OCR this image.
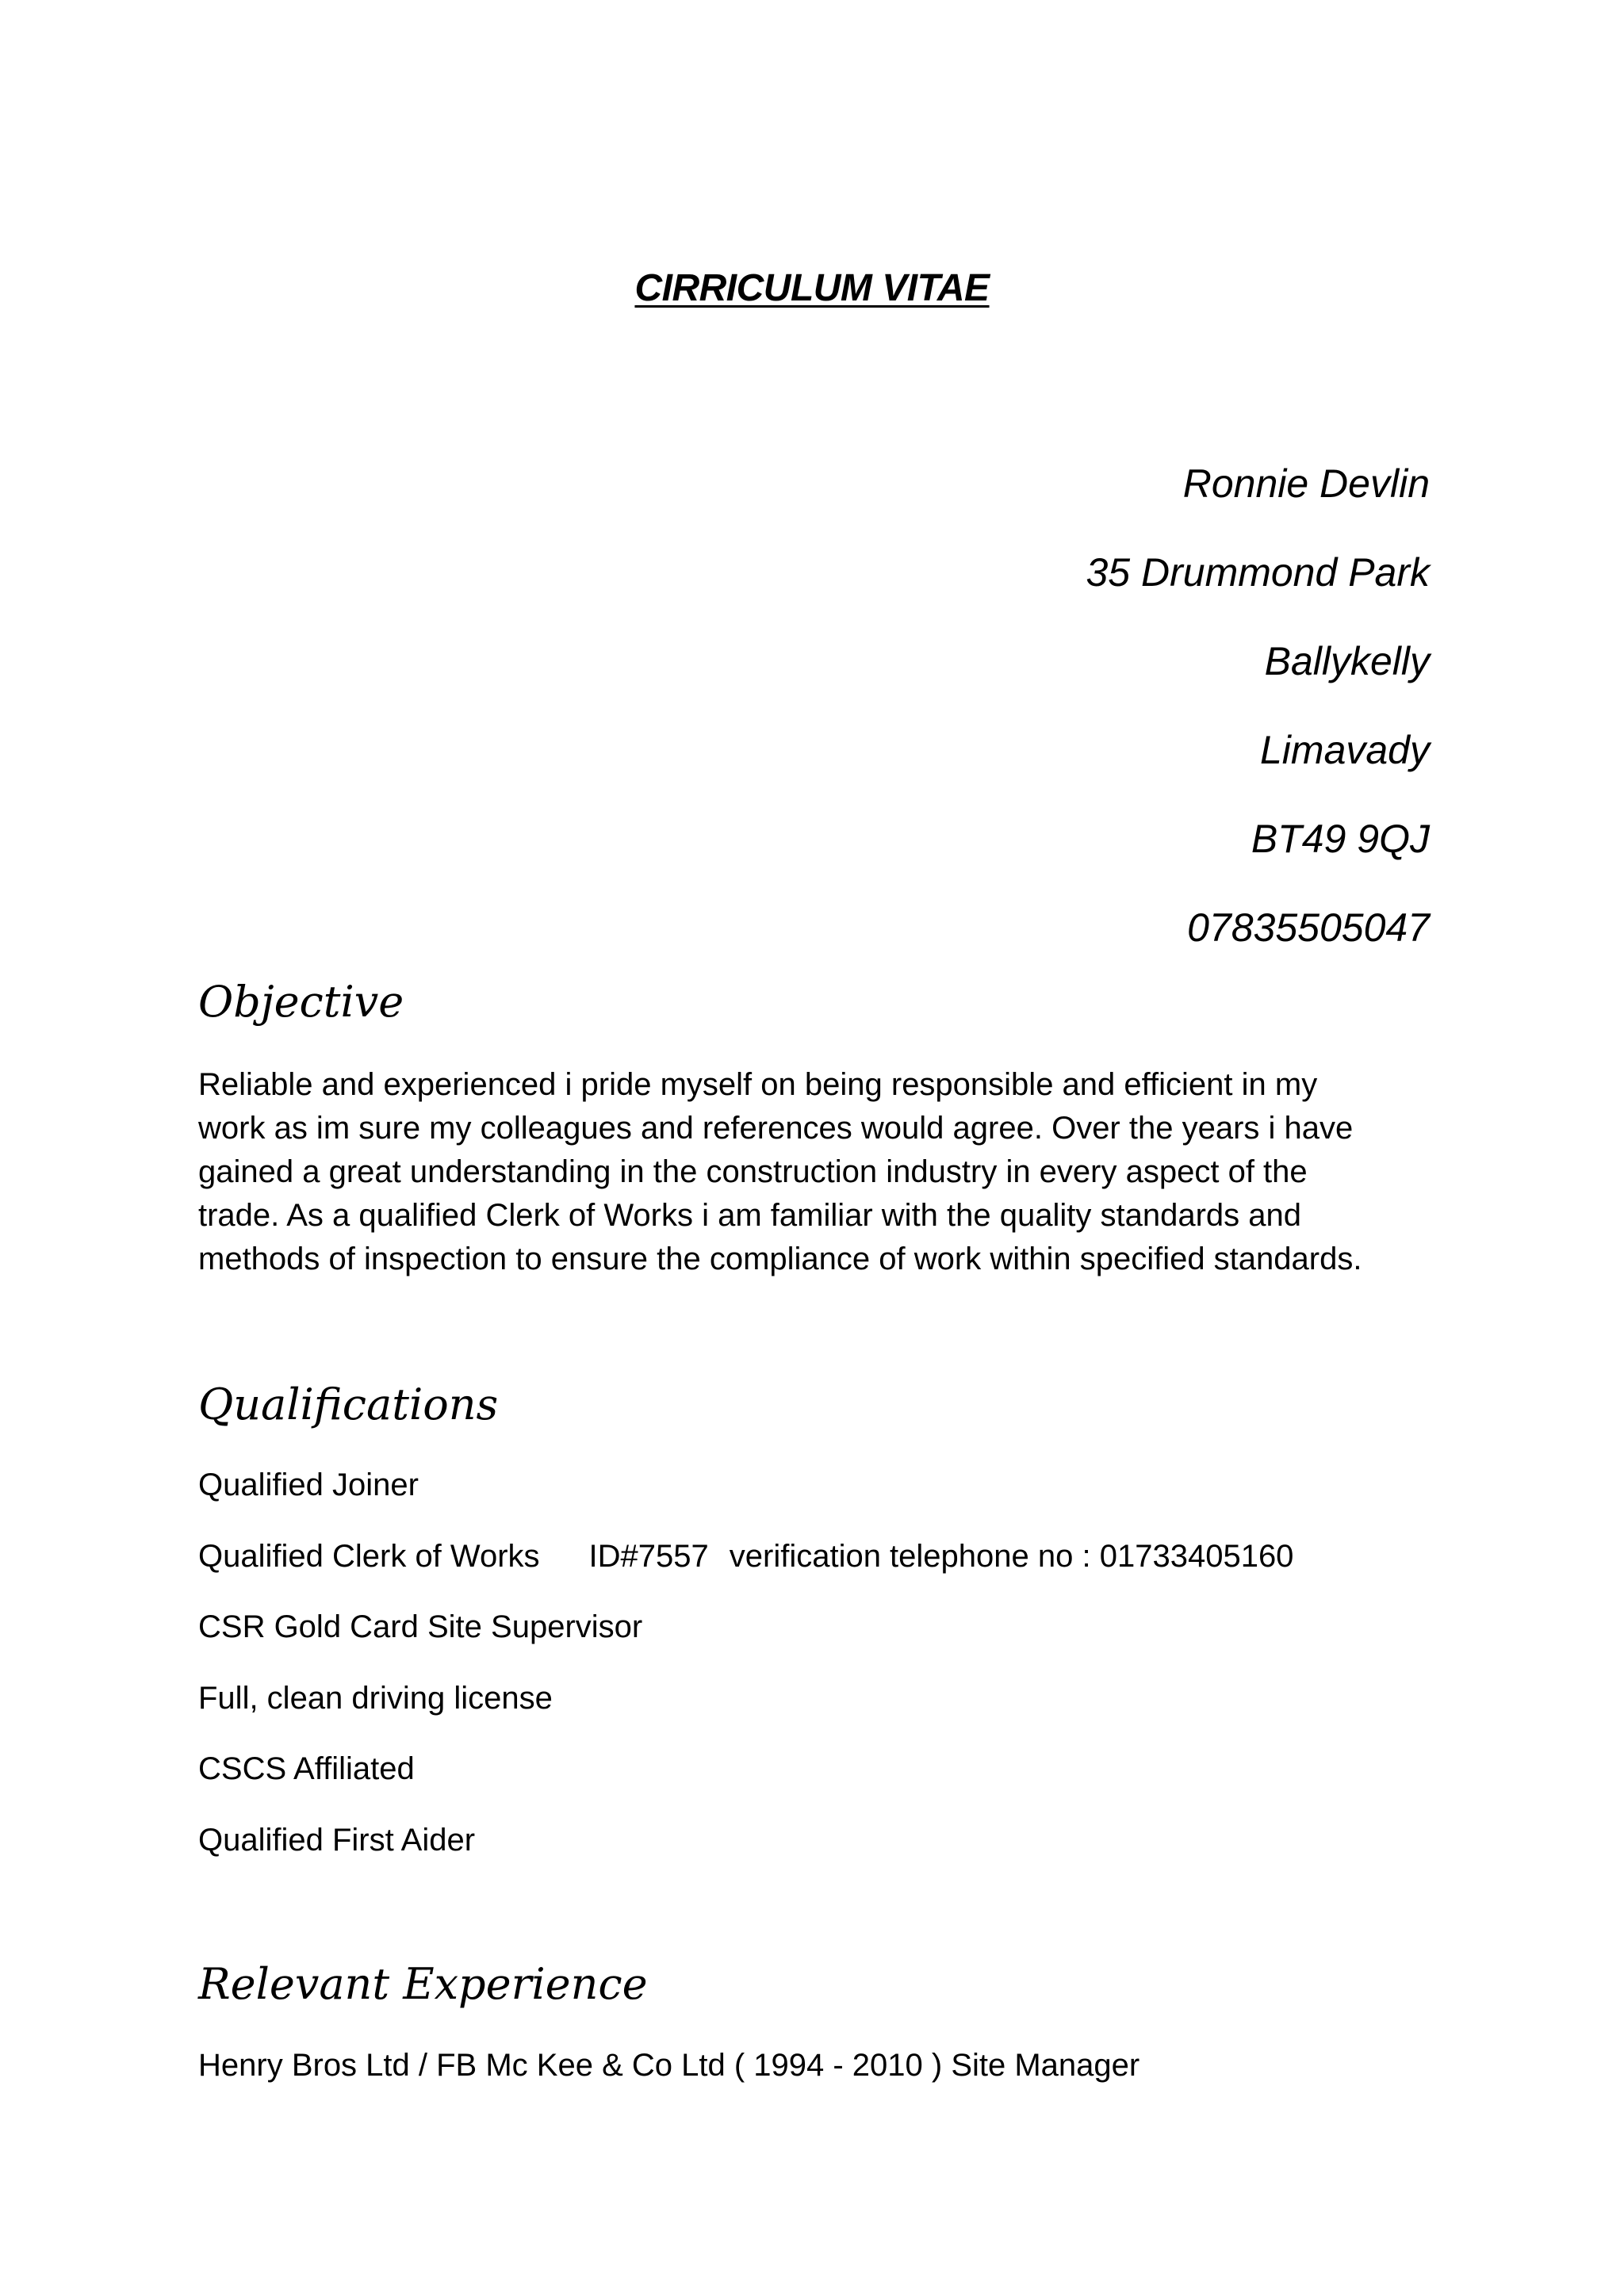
CIRRICULUM VITAE
Ronnie Devlin
35 Drummond Park
Ballykelly
Limavady
BT49 9QJ
07835505047
Objective
Reliable and experienced i pride myself on being responsible and efficient in my
work as im sure my colleagues and references would agree. Over the years i have
gained a great understanding in the construction industry in every aspect of the
trade. As a qualified Clerk of Works i am familiar with the quality standards and
methods of inspection to ensure the compliance of work within specified standards.
Qualifications
Qualified Joiner
Qualified Clerk of Works ID#7557 verification telephone no : 01733405160
CSR Gold Card Site Supervisor
Full, clean driving license
CSCS Affiliated
Qualified First Aider
Relevant Experience
Henry Bros Ltd / FB Mc Kee & Co Ltd ( 1994 - 2010 ) Site Manager
